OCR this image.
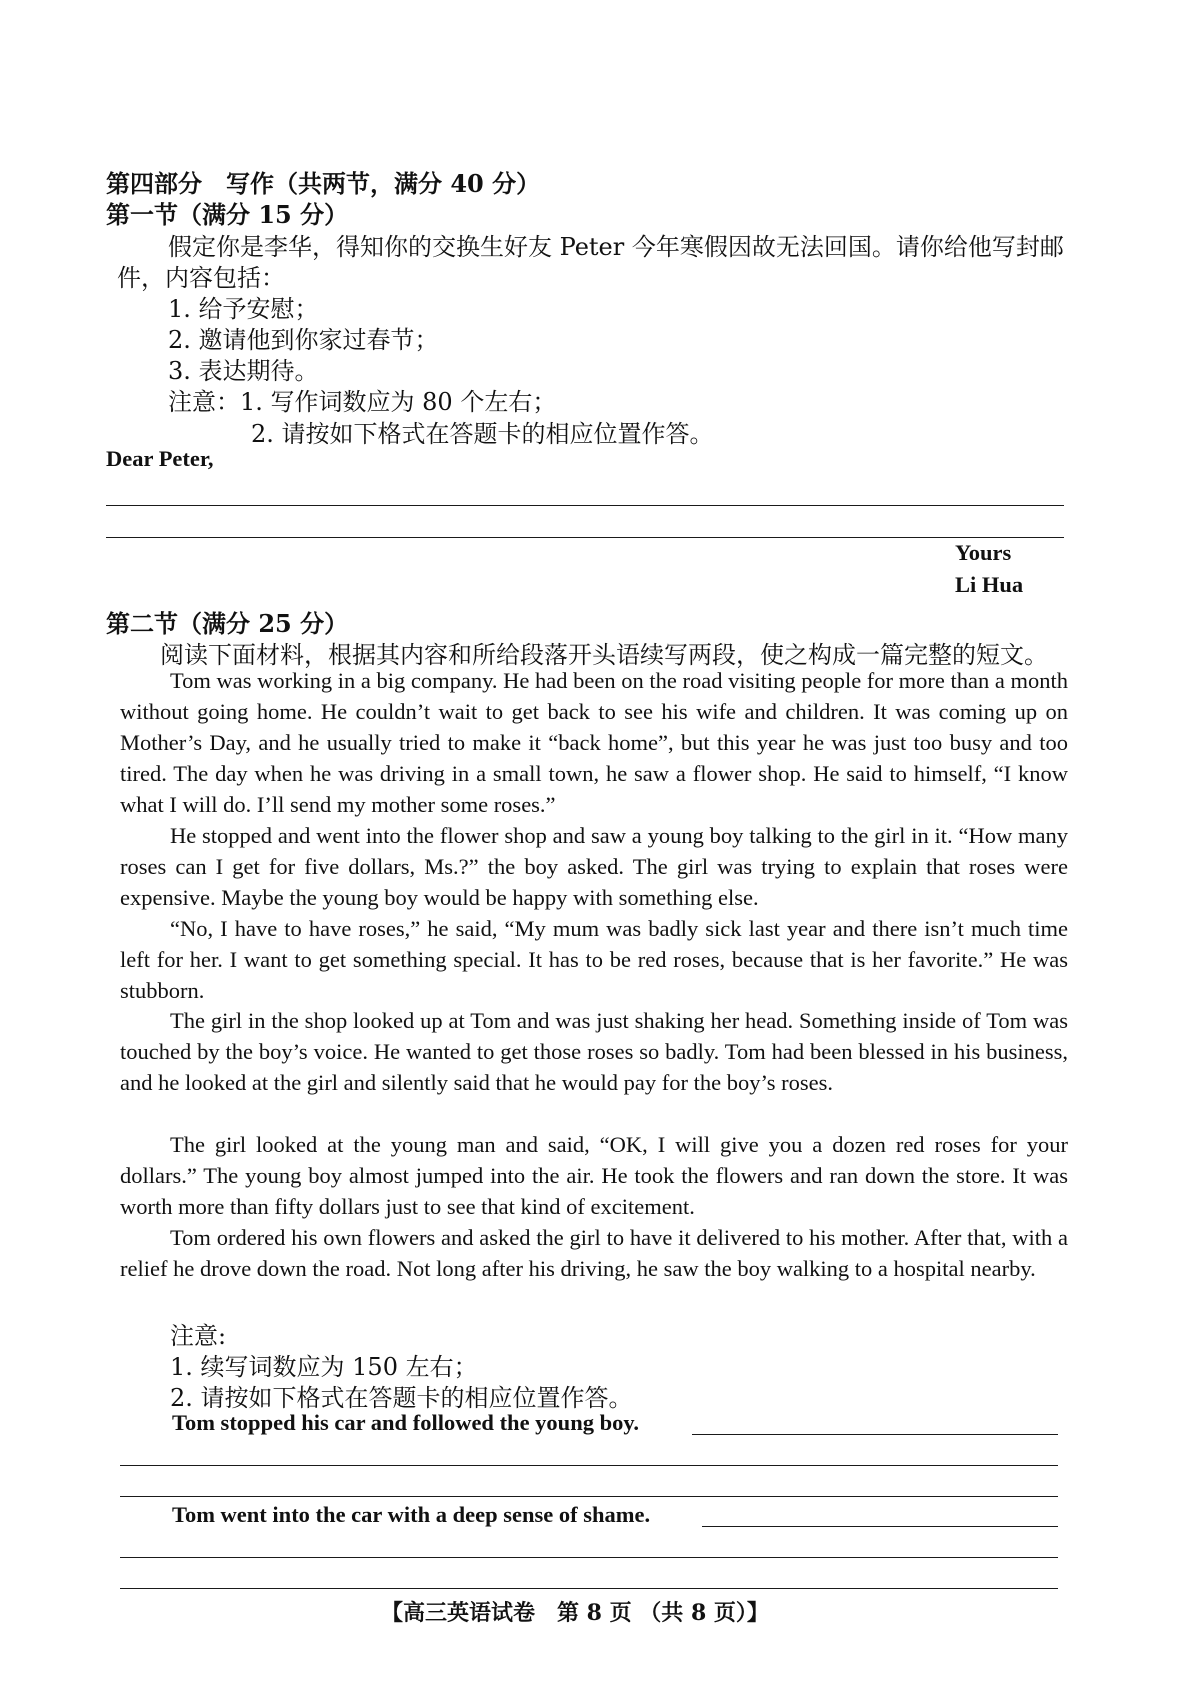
第四部分　写作（共两节，满分 40 分）
第一节（满分 15 分）
假定你是李华，得知你的交换生好友 Peter 今年寒假因故无法回国。请你给他写封邮
件，内容包括：
1. 给予安慰；
2. 邀请他到你家过春节；
3. 表达期待。
注意：1. 写作词数应为 80 个左右；
2. 请按如下格式在答题卡的相应位置作答。
Dear Peter,
Yours
Li Hua
第二节（满分 25 分）
阅读下面材料，根据其内容和所给段落开头语续写两段，使之构成一篇完整的短文。
Tom was working in a big company. He had been on the road visiting people for more than a month without going home. He couldn’t wait to get back to see his wife and children. It was coming up on Mother’s Day, and he usually tried to make it “back home”, but this year he was just too busy and too tired. The day when he was driving in a small town, he saw a flower shop. He said to himself, “I know what I will do. I’ll send my mother some roses.”
He stopped and went into the flower shop and saw a young boy talking to the girl in it. “How many roses can I get for five dollars, Ms.?” the boy asked. The girl was trying to explain that roses were expensive. Maybe the young boy would be happy with something else.
“No, I have to have roses,” he said, “My mum was badly sick last year and there isn’t much time left for her. I want to get something special. It has to be red roses, because that is her favorite.” He was stubborn.
The girl in the shop looked up at Tom and was just shaking her head. Something inside of Tom was touched by the boy’s voice. He wanted to get those roses so badly. Tom had been blessed in his business, and he looked at the girl and silently said that he would pay for the boy’s roses.
The girl looked at the young man and said, “OK, I will give you a dozen red roses for your dollars.” The young boy almost jumped into the air. He took the flowers and ran down the store. It was worth more than fifty dollars just to see that kind of excitement.
Tom ordered his own flowers and asked the girl to have it delivered to his mother. After that, with a relief he drove down the road. Not long after his driving, he saw the boy walking to a hospital nearby.
注意:
1. 续写词数应为 150 左右；
2. 请按如下格式在答题卡的相应位置作答。
Tom stopped his car and followed the young boy.
Tom went into the car with a deep sense of shame.
【高三英语试卷　第 8 页 （共 8 页）】
